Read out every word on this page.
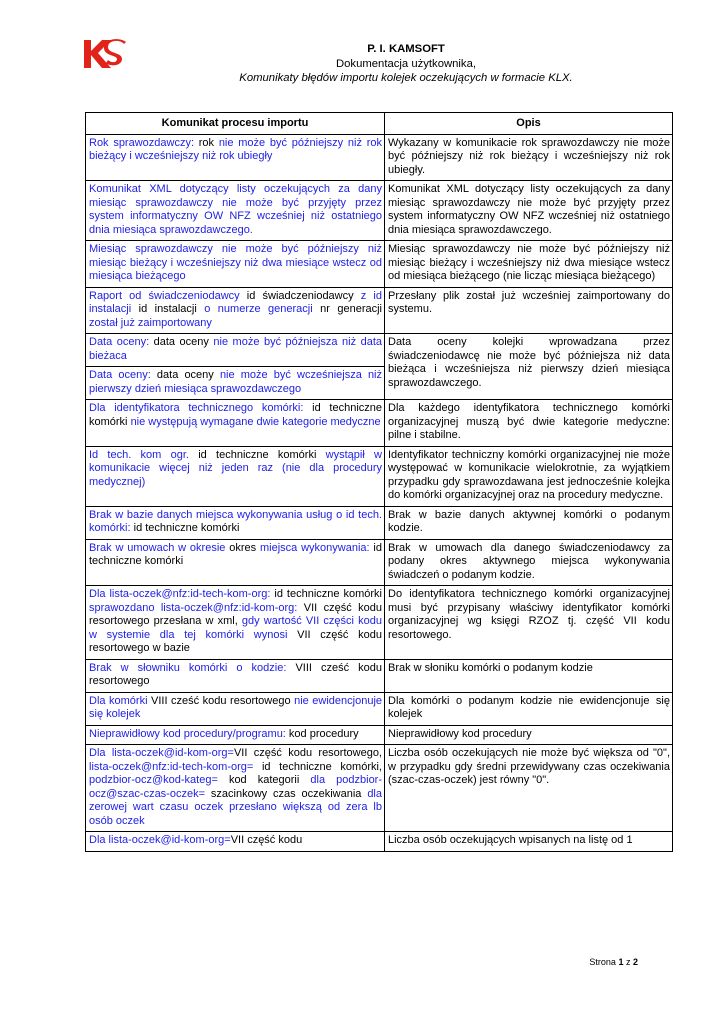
P. I. KAMSOFT
Dokumentacja użytkownika,
Komunikaty błędów importu kolejek oczekujących w formacie KLX.
Komunikat procesu importu	Opis
Rok sprawozdawczy: rok nie może być późniejszy niż rok bieżący i wcześniejszy niż rok ubiegły	Wykazany w komunikacie rok sprawozdawczy nie może być późniejszy niż rok bieżący i wcześniejszy niż rok ubiegły.
Komunikat XML dotyczący listy oczekujących za dany miesiąc sprawozdawczy nie może być przyjęty przez system informatyczny OW NFZ wcześniej niż ostatniego dnia miesiąca sprawozdawczego.	Komunikat XML dotyczący listy oczekujących za dany miesiąc sprawozdawczy nie może być przyjęty przez system informatyczny OW NFZ wcześniej niż ostatniego dnia miesiąca sprawozdawczego.
Miesiąc sprawozdawczy nie może być późniejszy niż miesiąc bieżący i wcześniejszy niż dwa miesiące wstecz od miesiąca bieżącego	Miesiąc sprawozdawczy nie może być późniejszy niż miesiąc bieżący i wcześniejszy niż dwa miesiące wstecz od miesiąca bieżącego (nie licząc miesiąca bieżącego)
Raport od świadczeniodawcy id świadczeniodawcy z id instalacji id instalacji o numerze generacji nr generacji został już zaimportowany	Przesłany plik został już wcześniej zaimportowany do systemu.
Data oceny: data oceny nie może być późniejsza niż data bieżaca	Data oceny kolejki wprowadzana przez świadczeniodawcę nie może być późniejsza niż data bieżąca i wcześniejsza niż pierwszy dzień miesiąca sprawozdawczego.
Data oceny: data oceny nie może być wcześniejsza niż pierwszy dzień miesiąca sprawozdawczego	
Dla identyfikatora technicznego komórki: id techniczne komórki nie występują wymagane dwie kategorie medyczne	Dla każdego identyfikatora technicznego komórki organizacyjnej muszą być dwie kategorie medyczne: pilne i stabilne.
Id tech. kom ogr. id techniczne komórki wystąpił w komunikacie więcej niż jeden raz (nie dla procedury medycznej)	Identyfikator techniczny komórki organizacyjnej nie może występować w komunikacie wielokrotnie, za wyjątkiem przypadku gdy sprawozdawana jest jednocześnie kolejka do komórki organizacyjnej oraz na procedury medyczne.
Brak w bazie danych miejsca wykonywania usług o id tech. komórki: id techniczne komórki	Brak w bazie danych aktywnej komórki o podanym kodzie.
Brak w umowach w okresie okres miejsca wykonywania: id techniczne komórki	Brak w umowach dla danego świadczeniodawcy za podany okres aktywnego miejsca wykonywania świadczeń o podanym kodzie.
Dla lista-oczek@nfz:id-tech-kom-org: id techniczne komórki sprawozdano lista-oczek@nfz:id-kom-org: VII część kodu resortowego przesłana w xml, gdy wartość VII części kodu w systemie dla tej komórki wynosi VII część kodu resortowego w bazie	Do identyfikatora technicznego komórki organizacyjnej musi być przypisany właściwy identyfikator komórki organizacyjnej wg księgi RZOZ tj. część VII kodu resortowego.
Brak w słowniku komórki o kodzie: VIII cześć kodu resortowego	Brak w słoniku komórki o podanym kodzie
Dla komórki VIII cześć kodu resortowego nie ewidencjonuje się kolejek	Dla komórki o podanym kodzie nie ewidencjonuje się kolejek
Nieprawidłowy kod procedury/programu: kod procedury	Nieprawidłowy kod procedury
Dla lista-oczek@id-kom-org=VII część kodu resortowego, lista-oczek@nfz:id-tech-kom-org= id techniczne komórki, podzbior-ocz@kod-kateg= kod kategorii dla podzbior-ocz@szac-czas-oczek= szacinkowy czas oczekiwania dla zerowej wart czasu oczek przesłano większą od zera lb osób oczek	Liczba osób oczekujących nie może być większa od "0", w przypadku gdy średni przewidywany czas oczekiwania (szac-czas-oczek) jest równy "0".
Dla lista-oczek@id-kom-org=VII część kodu	Liczba osób oczekujących wpisanych na listę od 1
Strona 1 z 2
